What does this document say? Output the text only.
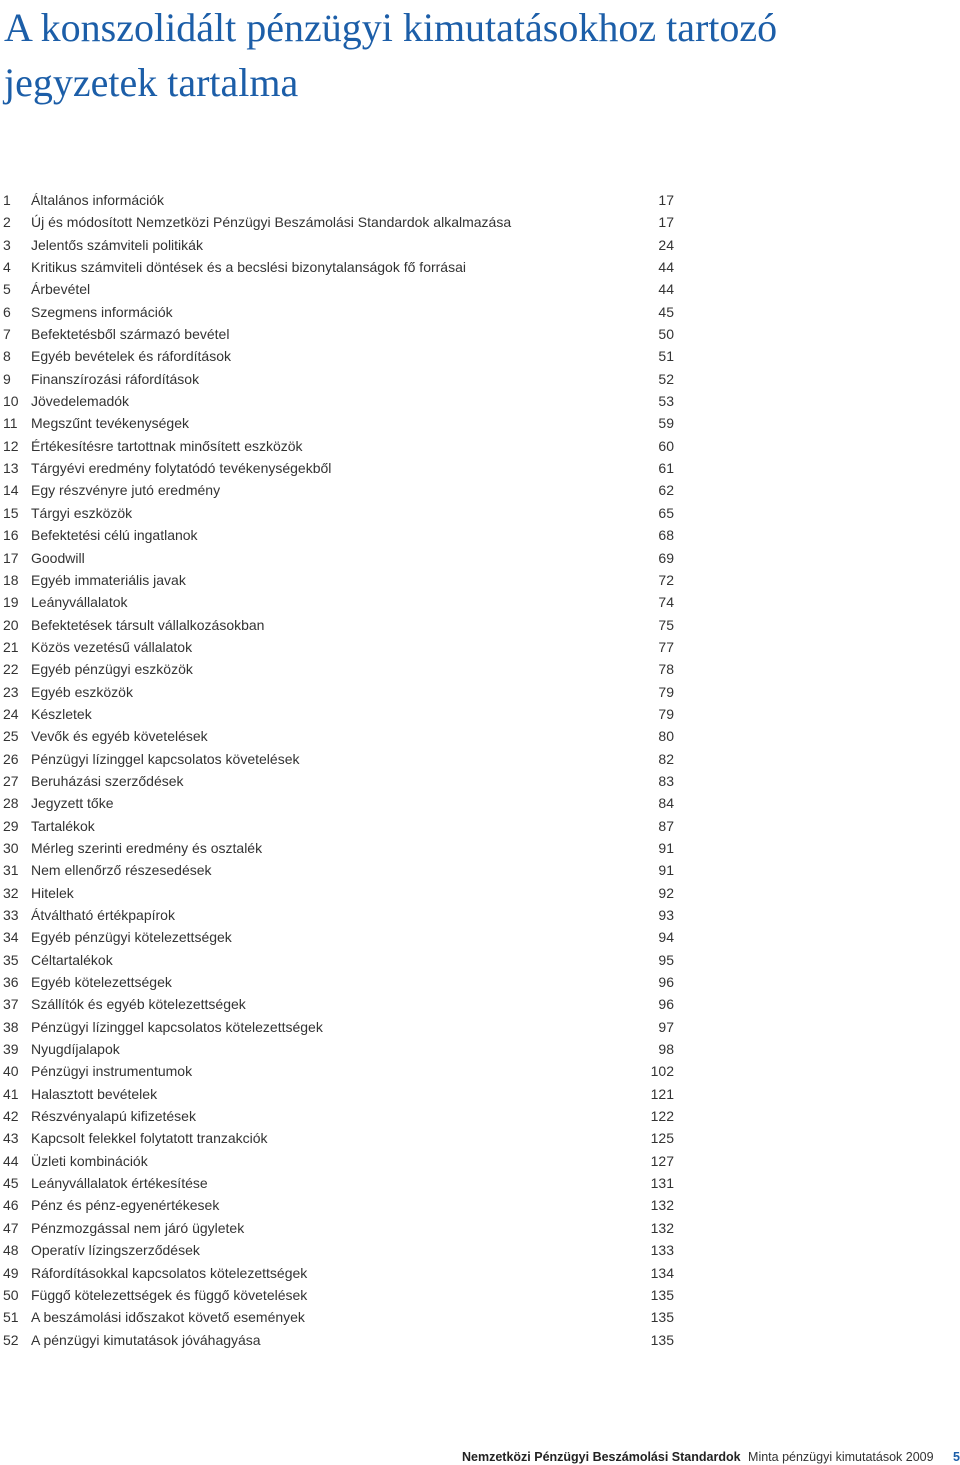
A konszolidált pénzügyi kimutatásokhoz tartozó jegyzetek tartalma
1 Általános információk	17
2 Új és módosított Nemzetközi Pénzügyi Beszámolási Standardok alkalmazása	17
3 Jelentős számviteli politikák	24
4 Kritikus számviteli döntések és a becslési bizonytalanságok fő forrásai	44
5 Árbevétel	44
6 Szegmens információk	45
7 Befektetésből származó bevétel	50
8 Egyéb bevételek és ráfordítások	51
9 Finanszírozási ráfordítások	52
10 Jövedelemadók	53
11 Megszűnt tevékenységek	59
12 Értékesítésre tartottnak minősített eszközök	60
13 Tárgyévi eredmény folytatódó tevékenységekből	61
14 Egy részvényre jutó eredmény	62
15 Tárgyi eszközök	65
16 Befektetési célú ingatlanok	68
17 Goodwill	69
18 Egyéb immateriális javak	72
19 Leányvállalatok	74
20 Befektetések társult vállalkozásokban	75
21 Közös vezetésű vállalatok	77
22 Egyéb pénzügyi eszközök	78
23 Egyéb eszközök	79
24 Készletek	79
25 Vevők és egyéb követelések	80
26 Pénzügyi lízinggel kapcsolatos követelések	82
27 Beruházási szerződések	83
28 Jegyzett tőke	84
29 Tartalékok	87
30 Mérleg szerinti eredmény és osztalék	91
31 Nem ellenőrző részesedések	91
32 Hitelek	92
33 Átváltható értékpapírok	93
34 Egyéb pénzügyi kötelezettségek	94
35 Céltartalékok	95
36 Egyéb kötelezettségek	96
37 Szállítók és egyéb kötelezettségek	96
38 Pénzügyi lízinggel kapcsolatos kötelezettségek	97
39 Nyugdíjalapok	98
40 Pénzügyi instrumentumok	102
41 Halasztott bevételek	121
42 Részvényalapú kifizetések	122
43 Kapcsolt felekkel folytatott tranzakciók	125
44 Üzleti kombinációk	127
45 Leányvállalatok értékesítése	131
46 Pénz és pénz-egyenértékesek	132
47 Pénzmozgással nem járó ügyletek	132
48 Operatív lízingszerződések	133
49 Ráfordításokkal kapcsolatos kötelezettségek	134
50 Függő kötelezettségek és függő követelések	135
51 A beszámolási időszakot követő események	135
52 A pénzügyi kimutatások jóváhagyása	135
Nemzetközi Pénzügyi Beszámolási Standardok Minta pénzügyi kimutatások 2009 5
